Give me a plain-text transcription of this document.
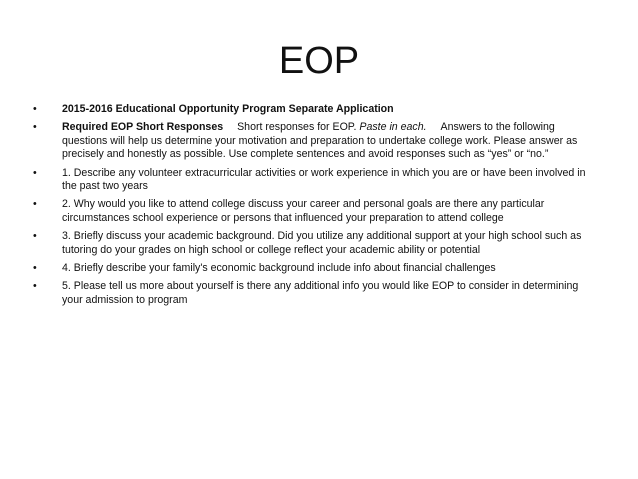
EOP
• 2015-2016 Educational Opportunity Program Separate Application
• Required EOP Short Responses Short responses for EOP. Paste in each. Answers to the following questions will help us determine your motivation and preparation to undertake college work. Please answer as precisely and honestly as possible. Use complete sentences and avoid responses such as “yes” or “no.”
• 1. Describe any volunteer extracurricular activities or work experience in which you are or have been involved in the past two years
• 2. Why would you like to attend college discuss your career and personal goals are there any particular circumstances school experience or persons that influenced your preparation to attend college
• 3. Briefly discuss your academic background. Did you utilize any additional support at your high school such as tutoring do your grades on high school or college reflect your academic ability or potential
• 4. Briefly describe your family's economic background include info about financial challenges
• 5. Please tell us more about yourself is there any additional info you would like EOP to consider in determining your admission to program
